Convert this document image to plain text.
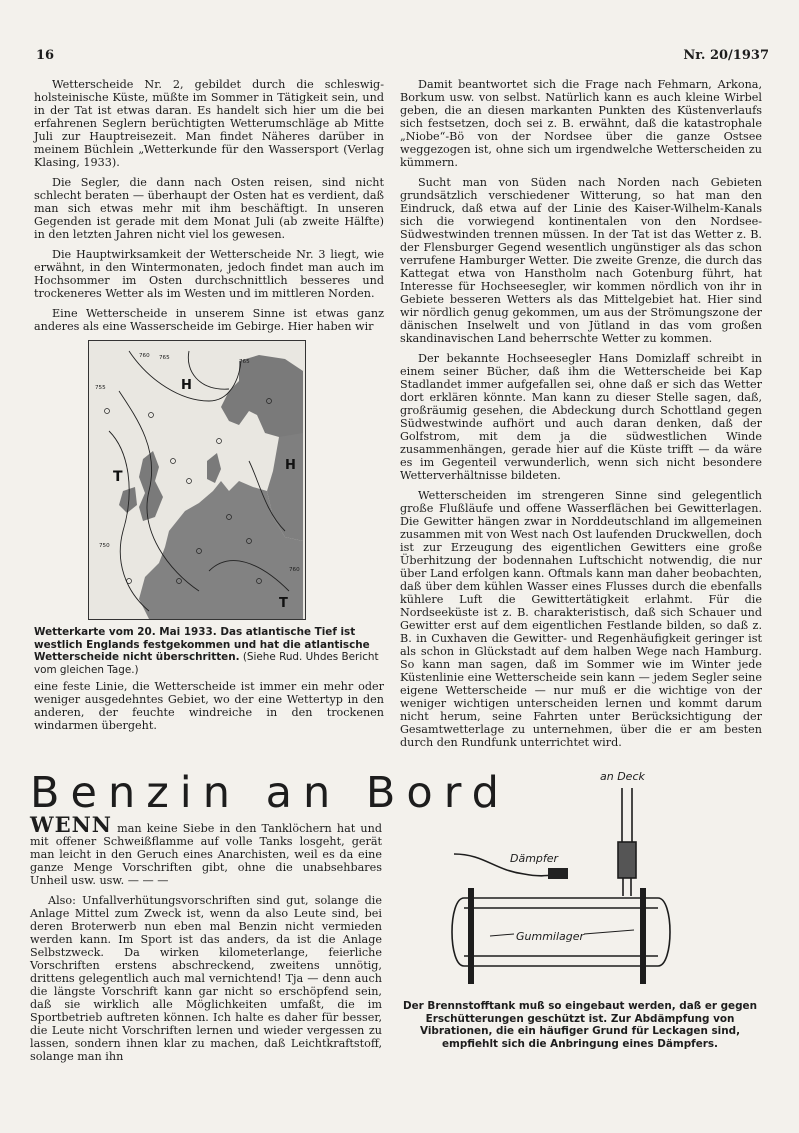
16	Nr. 20/1937

Wetterscheide Nr. 2, gebildet durch die schleswig-holsteinische Küste, müßte im Sommer in Tätigkeit sein, und in der Tat ist etwas daran. Es handelt sich hier um die bei erfahrenen Seglern berüchtigten Wetterumschläge ab Mitte Juli zur Hauptreisezeit. Man findet Näheres darüber in meinem Büchlein „Wetterkunde für den Wassersport (Verlag Klasing, 1933).

Die Segler, die dann nach Osten reisen, sind nicht schlecht beraten — überhaupt der Osten hat es verdient, daß man sich etwas mehr mit ihm beschäftigt. In unseren Gegenden ist gerade mit dem Monat Juli (ab zweite Hälfte) in den letzten Jahren nicht viel los gewesen.

Die Hauptwirksamkeit der Wetterscheide Nr. 3 liegt, wie erwähnt, in den Wintermonaten, jedoch findet man auch im Hochsommer im Osten durchschnittlich besseres und trockeneres Wetter als im Westen und im mittleren Norden.

Eine Wetterscheide in unserem Sinne ist etwas ganz anderes als eine Wasserscheide im Gebirge. Hier haben wir

H
T
H
T
760 765
755
750
765
760
Wetterkarte vom 20. Mai 1933. Das atlantische Tief ist westlich Englands festgekommen und hat die atlantische Wetterscheide nicht überschritten. (Siehe Rud. Uhdes Bericht vom gleichen Tage.)

eine feste Linie, die Wetterscheide ist immer ein mehr oder weniger ausgedehntes Gebiet, wo der eine Wettertyp in den anderen, der feuchte windreiche in den trockenen windarmen übergeht.

Damit beantwortet sich die Frage nach Fehmarn, Arkona, Borkum usw. von selbst. Natürlich kann es auch kleine Wirbel geben, die an diesen markanten Punkten des Küstenverlaufs sich festsetzen, doch sei z. B. erwähnt, daß die katastrophale „Niobe“-Bö von der Nordsee über die ganze Ostsee weggezogen ist, ohne sich um irgendwelche Wetterscheiden zu kümmern.

Sucht man von Süden nach Norden nach Gebieten grundsätzlich verschiedener Witterung, so hat man den Eindruck, daß etwa auf der Linie des Kaiser-Wilhelm-Kanals sich die vorwiegend kontinentalen von den Nordsee-Südwestwinden trennen müssen. In der Tat ist das Wetter z. B. der Flensburger Gegend wesentlich ungünstiger als das schon verrufene Hamburger Wetter. Die zweite Grenze, die durch das Kattegat etwa von Hanstholm nach Gotenburg führt, hat Interesse für Hochseesegler, wir kommen nördlich von ihr in Gebiete besseren Wetters als das Mittelgebiet hat. Hier sind wir nördlich genug gekommen, um aus der Strömungszone der dänischen Inselwelt und von Jütland in das vom großen skandinavischen Land beherrschte Wetter zu kommen.

Der bekannte Hochseesegler Hans Domizlaff schreibt in einem seiner Bücher, daß ihm die Wetterscheide bei Kap Stadlandet immer aufgefallen sei, ohne daß er sich das Wetter dort erklären könnte. Man kann zu dieser Stelle sagen, daß, großräumig gesehen, die Abdeckung durch Schottland gegen Südwestwinde aufhört und auch daran denken, daß der Golfstrom, mit dem ja die südwestlichen Winde zusammenhängen, gerade hier auf die Küste trifft — da wäre es im Gegenteil verwunderlich, wenn sich nicht besondere Wetterverhältnisse bildeten.

Wetterscheiden im strengeren Sinne sind gelegentlich große Flußläufe und offene Wasserflächen bei Gewitterlagen. Die Gewitter hängen zwar in Norddeutschland im allgemeinen zusammen mit von West nach Ost laufenden Druckwellen, doch ist zur Erzeugung des eigentlichen Gewitters eine große Überhitzung der bodennahen Luftschicht notwendig, die nur über Land erfolgen kann. Oftmals kann man daher beobachten, daß über dem kühlen Wasser eines Flusses durch die ebenfalls kühlere Luft die Gewittertätigkeit erlahmt. Für die Nordseeküste ist z. B. charakteristisch, daß sich Schauer und Gewitter erst auf dem eigentlichen Festlande bilden, so daß z. B. in Cuxhaven die Gewitter- und Regenhäufigkeit geringer ist als schon in Glückstadt auf dem halben Wege nach Hamburg. So kann man sagen, daß im Sommer wie im Winter jede Küstenlinie eine Wetterscheide sein kann — jedem Segler seine eigene Wetterscheide — nur muß er die wichtige von der weniger wichtigen unterscheiden lernen und kommt darum nicht herum, seine Fahrten unter Berücksichtigung der Gesamtwetterlage zu unternehmen, über die er am besten durch den Rundfunk unterrichtet wird.

Benzin an Bord

WENN man keine Siebe in den Tanklöchern hat und mit offener Schweißflamme auf volle Tanks losgeht, gerät man leicht in den Geruch eines Anarchisten, weil es da eine ganze Menge Vorschriften gibt, ohne die unabsehbares Unheil usw. usw. — — —

Also: Unfallverhütungsvorschriften sind gut, solange die Anlage Mittel zum Zweck ist, wenn da also Leute sind, bei deren Broterwerb nun eben mal Benzin nicht vermieden werden kann. Im Sport ist das anders, da ist die Anlage Selbstzweck. Da wirken kilometerlange, feierliche Vorschriften erstens abschreckend, zweitens unnötig, drittens gelegentlich auch mal vernichtend! Tja — denn auch die längste Vorschrift kann gar nicht so erschöpfend sein, daß sie wirklich alle Möglichkeiten umfaßt, die im Sportbetrieb auftreten können. Ich halte es daher für besser, die Leute nicht Vorschriften lernen und wieder vergessen zu lassen, sondern ihnen klar zu machen, daß Leichtkraftstoff, solange man ihn

an Deck
Dämpfer
Gummilager
Der Brennstofftank muß so eingebaut werden, daß er gegen Erschütterungen geschützt ist. Zur Abdämpfung von Vibrationen, die ein häufiger Grund für Leckagen sind, empfiehlt sich die Anbringung eines Dämpfers.
